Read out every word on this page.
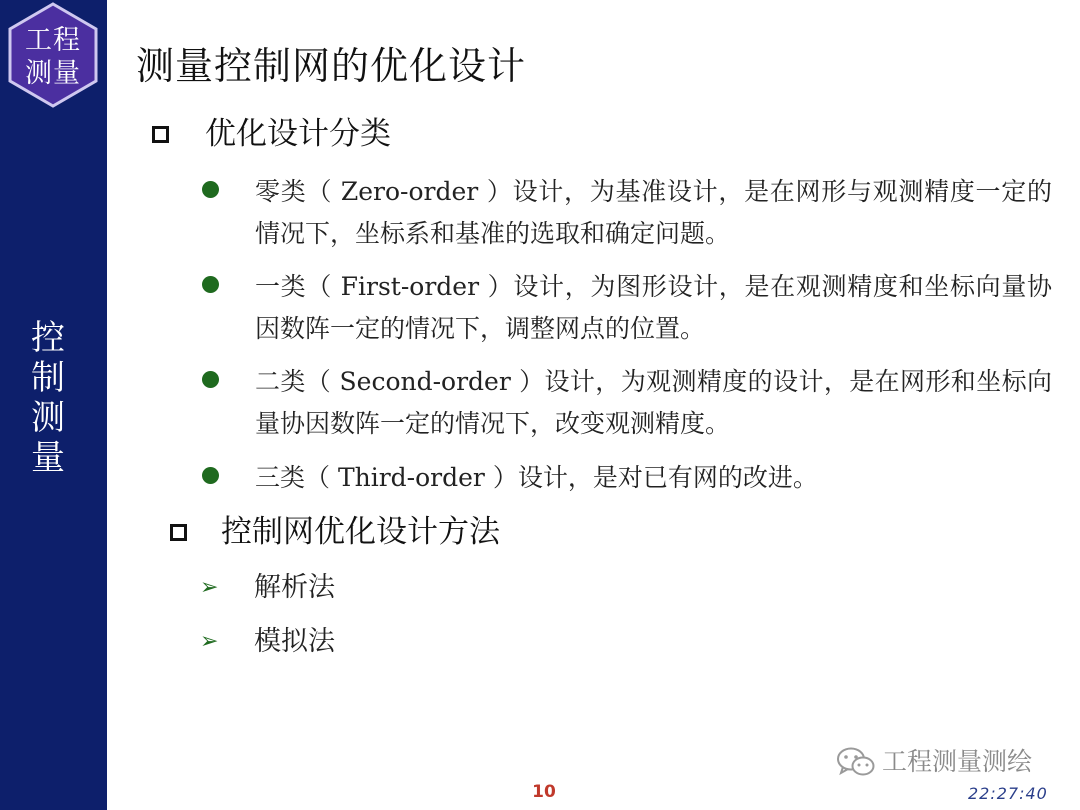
工程
测量
控
制
测
量
测量控制网的优化设计
优化设计分类
零类（ Zero-order ）设计，为基准设计，是在网形与观测精度一定的情况下，坐标系和基准的选取和确定问题。
一类（ First-order ）设计，为图形设计，是在观测精度和坐标向量协因数阵一定的情况下，调整网点的位置。
二类（ Second-order ）设计，为观测精度的设计，是在网形和坐标向量协因数阵一定的情况下，改变观测精度。
三类（ Third-order ）设计，是对已有网的改进。
控制网优化设计方法
➢ 解析法
➢ 模拟法
工程测量测绘
10	22:27:40
